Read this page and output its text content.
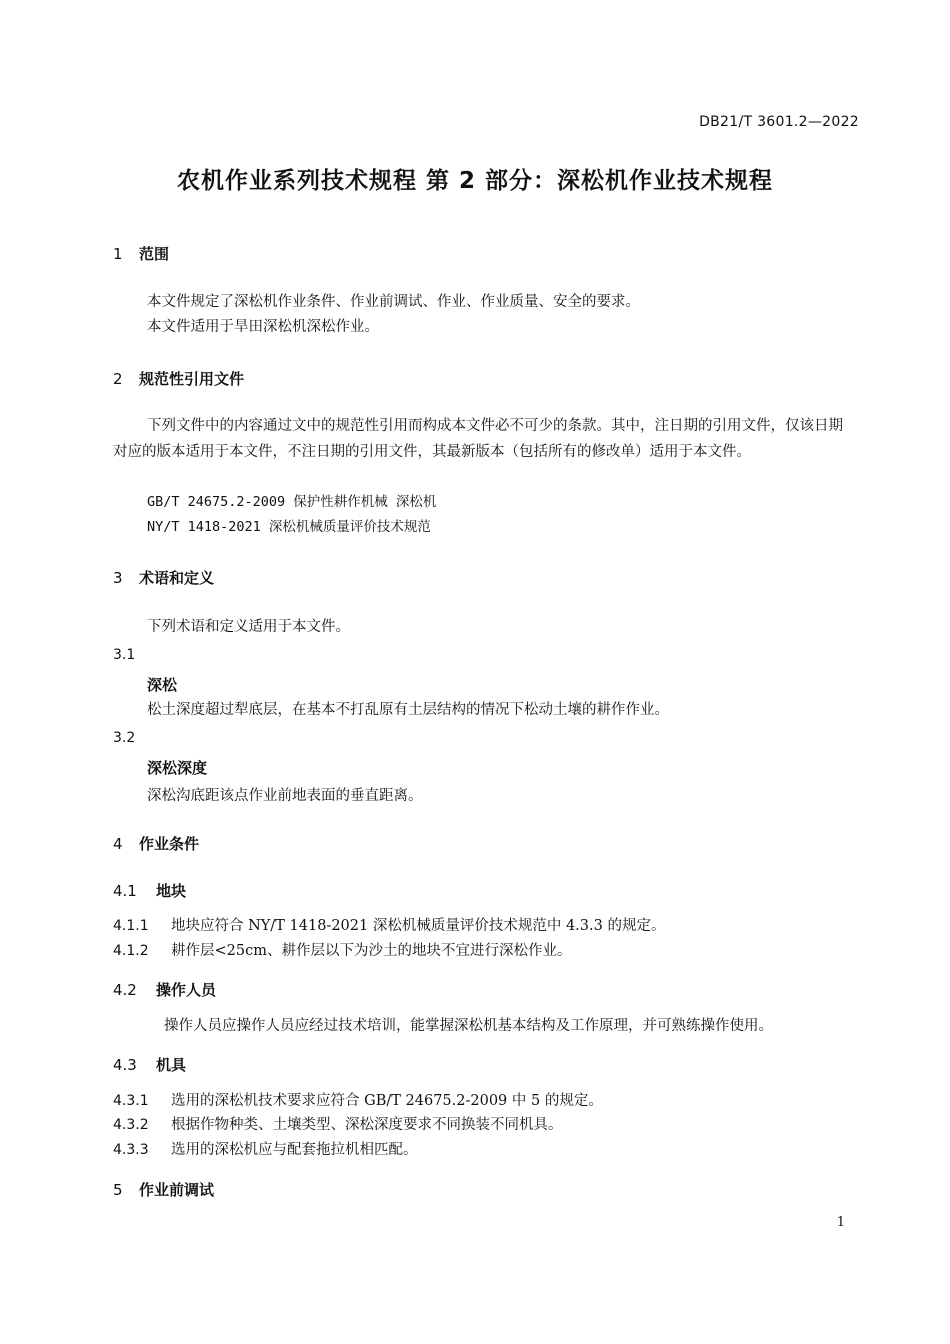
DB21/T 3601.2—2022
农机作业系列技术规程 第 2 部分：深松机作业技术规程
1 范围
本文件规定了深松机作业条件、作业前调试、作业、作业质量、安全的要求。
本文件适用于旱田深松机深松作业。
2 规范性引用文件
下列文件中的内容通过文中的规范性引用而构成本文件必不可少的条款。其中，注日期的引用文件，仅该日期对应的版本适用于本文件，不注日期的引用文件，其最新版本（包括所有的修改单）适用于本文件。
GB/T 24675.2-2009 保护性耕作机械 深松机
NY/T 1418-2021 深松机械质量评价技术规范
3 术语和定义
下列术语和定义适用于本文件。
3.1
深松
松土深度超过犁底层，在基本不打乱原有土层结构的情况下松动土壤的耕作作业。
3.2
深松深度
深松沟底距该点作业前地表面的垂直距离。
4 作业条件
4.1 地块
4.1.1 地块应符合 NY/T 1418-2021 深松机械质量评价技术规范中 4.3.3 的规定。
4.1.2 耕作层<25cm、耕作层以下为沙土的地块不宜进行深松作业。
4.2 操作人员
操作人员应操作人员应经过技术培训，能掌握深松机基本结构及工作原理，并可熟练操作使用。
4.3 机具
4.3.1 选用的深松机技术要求应符合 GB/T 24675.2-2009 中 5 的规定。
4.3.2 根据作物种类、土壤类型、深松深度要求不同换装不同机具。
4.3.3 选用的深松机应与配套拖拉机相匹配。
5 作业前调试
1
